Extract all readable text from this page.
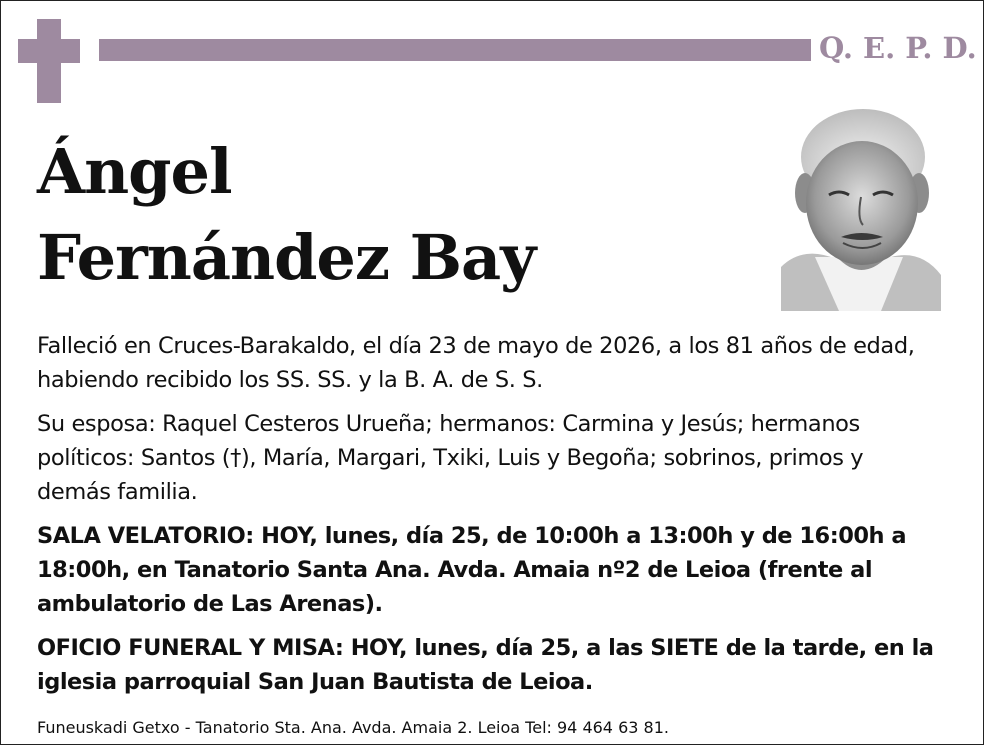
Q. E. P. D.
Ángel
Fernández Bay

Falleció en Cruces-Barakaldo, el día 23 de mayo de 2026, a los 81 años de edad, habiendo recibido los SS. SS. y la B. A. de S. S.

Su esposa: Raquel Cesteros Urueña; hermanos: Carmina y Jesús; hermanos políticos: Santos (†), María, Margari, Txiki, Luis y Begoña; sobrinos, primos y demás familia.

SALA VELATORIO: HOY, lunes, día 25, de 10:00h a 13:00h y de 16:00h a 18:00h, en Tanatorio Santa Ana. Avda. Amaia nº2 de Leioa (frente al ambulatorio de Las Arenas).

OFICIO FUNERAL Y MISA: HOY, lunes, día 25, a las SIETE de la tarde, en la iglesia parroquial San Juan Bautista de Leioa.

Funeuskadi Getxo - Tanatorio Sta. Ana. Avda. Amaia 2. Leioa Tel: 94 464 63 81.
